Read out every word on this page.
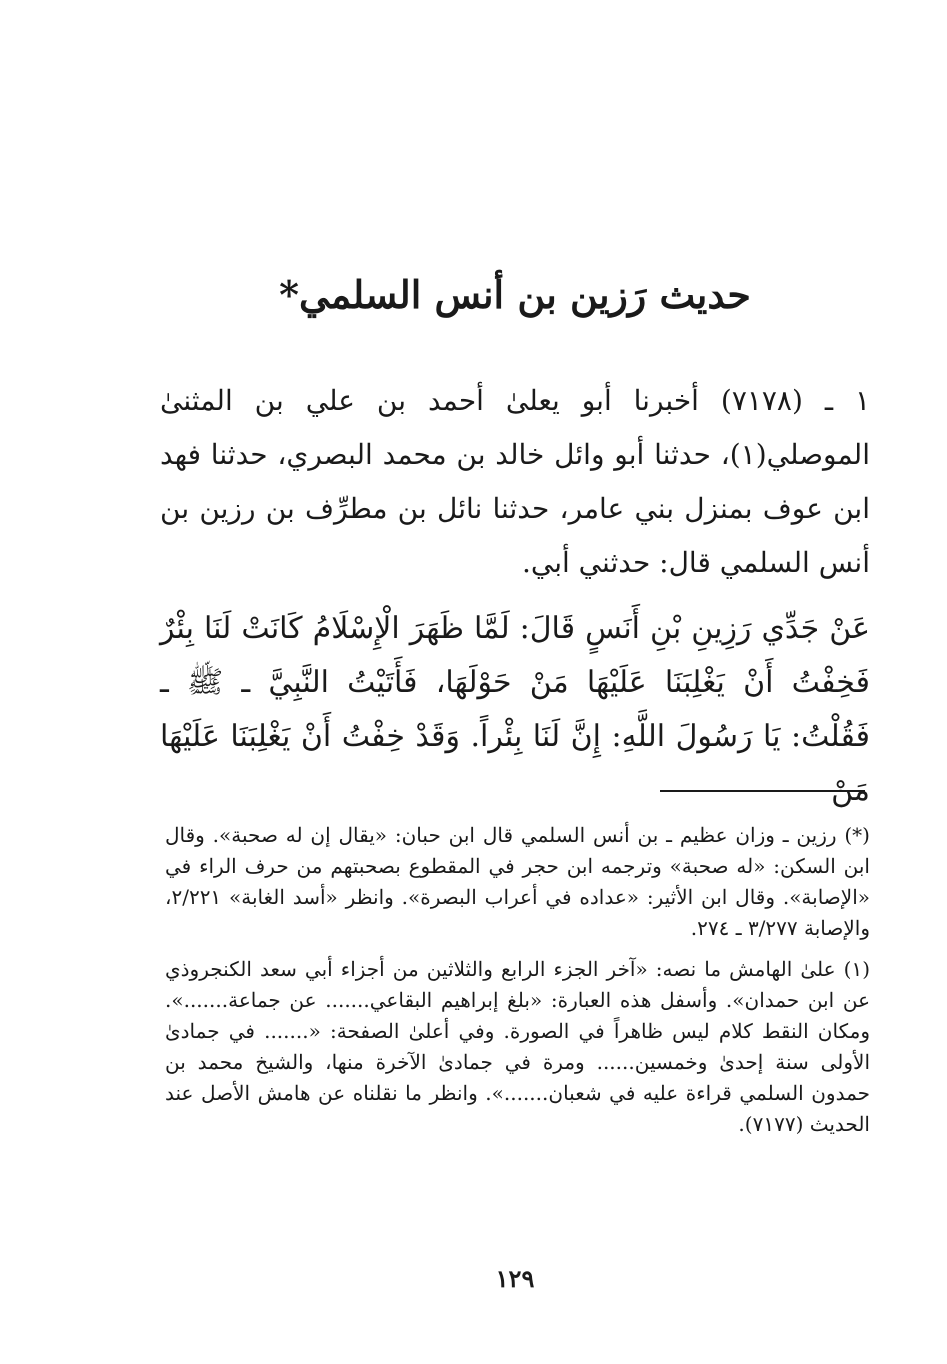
حديث رَزين بن أنس السلمي*

١ ـ (٧١٧٨) أخبرنا أبو يعلىٰ أحمد بن علي بن المثنىٰ الموصلي(١)، حدثنا أبو وائل خالد بن محمد البصري، حدثنا فهد ابن عوف بمنزل بني عامر، حدثنا نائل بن مطرِّف بن رزين بن أنس السلمي قال: حدثني أبي.

عَنْ جَدِّي رَزِينِ بْنِ أَنَسٍ قَالَ: لَمَّا ظَهَرَ الْإِسْلَامُ كَانَتْ لَنَا بِئْرٌ فَخِفْتُ أَنْ يَغْلِبَنَا عَلَيْهَا مَنْ حَوْلَهَا، فَأَتَيْتُ النَّبِيَّ ـ ﷺ ـ فَقُلْتُ: يَا رَسُولَ اللَّهِ: إِنَّ لَنَا بِئْراً. وَقَدْ خِفْتُ أَنْ يَغْلِبَنَا عَلَيْهَا مَنْ

(*) رزين ـ وزان عظيم ـ بن أنس السلمي قال ابن حبان: «يقال إن له صحبة». وقال ابن السكن: «له صحبة» وترجمه ابن حجر في المقطوع بصحبتهم من حرف الراء في «الإصابة». وقال ابن الأثير: «عداده في أعراب البصرة». وانظر «أسد الغابة» ٢/٢٢١، والإصابة ٣/٢٧٧ ـ ٢٧٤.

(١) علىٰ الهامش ما نصه: «آخر الجزء الرابع والثلاثين من أجزاء أبي سعد الكنجروذي عن ابن حمدان». وأسفل هذه العبارة: «بلغ إبراهيم البقاعي....... عن جماعة.......». ومكان النقط كلام ليس ظاهراً في الصورة. وفي أعلىٰ الصفحة: «....... في جمادىٰ الأولى سنة إحدىٰ وخمسين...... ومرة في جمادىٰ الآخرة منها، والشيخ محمد بن حمدون السلمي قراءة عليه في شعبان.......». وانظر ما نقلناه عن هامش الأصل عند الحديث (٧١٧٧).

١٢٩
